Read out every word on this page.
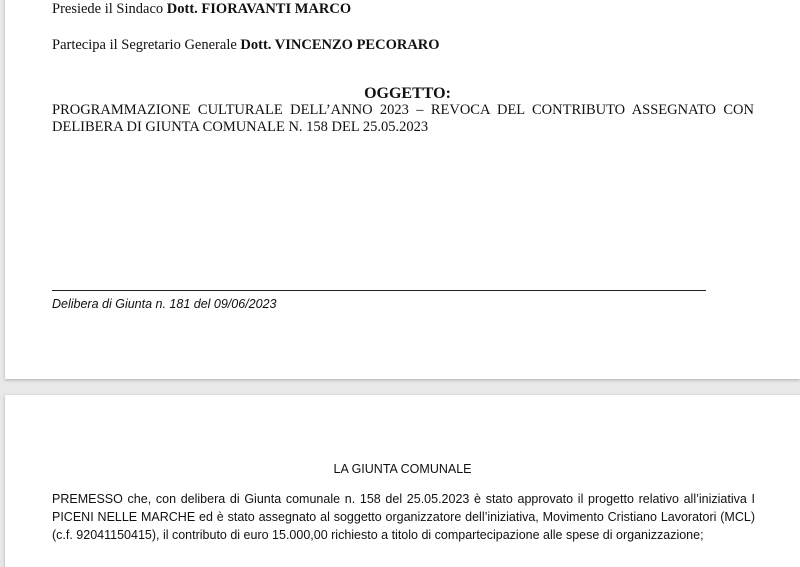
Presiede il Sindaco Dott. FIORAVANTI MARCO
Partecipa il Segretario Generale Dott. VINCENZO PECORARO
OGGETTO:
PROGRAMMAZIONE CULTURALE DELL’ANNO 2023 – REVOCA DEL CONTRIBUTO ASSEGNATO CON DELIBERA DI GIUNTA COMUNALE N. 158 DEL 25.05.2023
Delibera di Giunta n. 181 del 09/06/2023
LA GIUNTA COMUNALE
PREMESSO che, con delibera di Giunta comunale n. 158 del 25.05.2023 è stato approvato il progetto relativo all’iniziativa I PICENI NELLE MARCHE ed è stato assegnato al soggetto organizzatore dell’iniziativa, Movimento Cristiano Lavoratori (MCL) (c.f. 92041150415), il contributo di euro 15.000,00 richiesto a titolo di compartecipazione alle spese di organizzazione;
